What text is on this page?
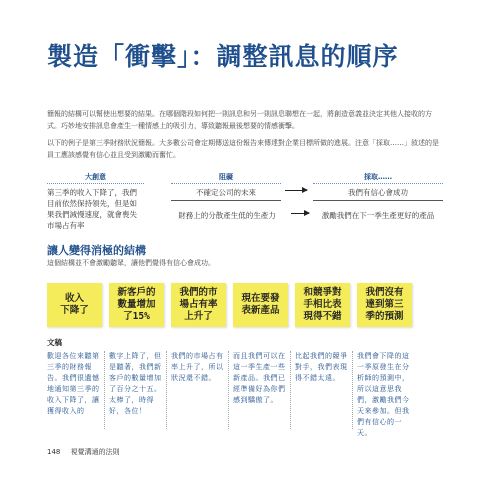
製造「衝擊」：調整訊息的順序
簡報的結構可以幫使出想要的結果。在哪個階段如何把一則訊息和另一則訊息聯想在一起，將創造意義並決定其他人接收的方式。巧妙地安排訊息會產生一種情感上的吸引力，導致聽報最後想要的情感衝擊。
以下的例子是第三季財務狀況簡報。大多數公司會定期傳送這份報告來傳達對企業目標所做的進展。注意「採取……」敘述的是員工應該感覺有信心並且受到激勵而奮忙。
大創意	阻礙	採取……
第三季的收入下降了，我們目前依然保持領先，但是如果我們減慢速度，就會喪失市場占有率
不確定公司的未來
財務上的分散產生低的生產力
我們有信心會成功
激勵我們在下一季生產更好的產品
讓人變得消極的結構
這個結構並不會激勵聽眾，讓他們覺得有信心會成功。
收入
下降了
新客戶的
數量增加
了15%
我們的市
場占有率
上升了
現在要發
表新產品
和競爭對
手相比表
現得不錯
我們沒有
達到第三
季的預測
文稿
歡迎各位來聽第三季的財務報告。我們很遺憾地通知第三季的收入下降了，讓獲得收入的
數字上降了，但是聽著，我們新客戶的數量增加了百分之十五。太棒了，時得好，各位！
我們的市場占有率上升了，所以狀況還不錯。
而且我們可以在這一季生產一些新產品。我們已經準備好為你們感到驕傲了。
比起我們的競爭對手，我們表現得不錯太遠。
我們會下降的這一季原發生在分析師的預測中，所以這意思我們，激勵我們今天來參加。但我們有信心的一天。
148 視覺溝通的法則
